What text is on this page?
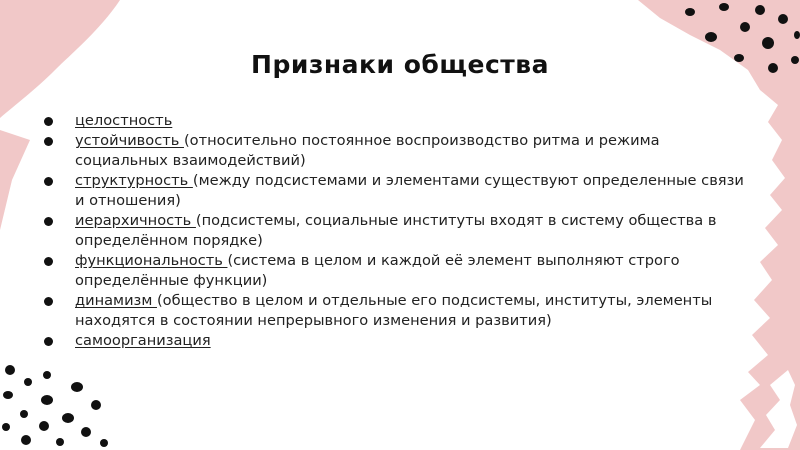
Признаки общества
целостность
устойчивость (относительно постоянное воспроизводство ритма и режима социальных взаимодействий)
структурность (между подсистемами и элементами существуют определенные связи и отношения)
иерархичность (подсистемы, социальные институты входят в систему общества в определённом порядке)
функциональность (система в целом и каждой её элемент выполняют строго определённые функции)
динамизм (общество в целом и отдельные его подсистемы, институты, элементы находятся в состоянии непрерывного изменения и развития)
самоорганизация
